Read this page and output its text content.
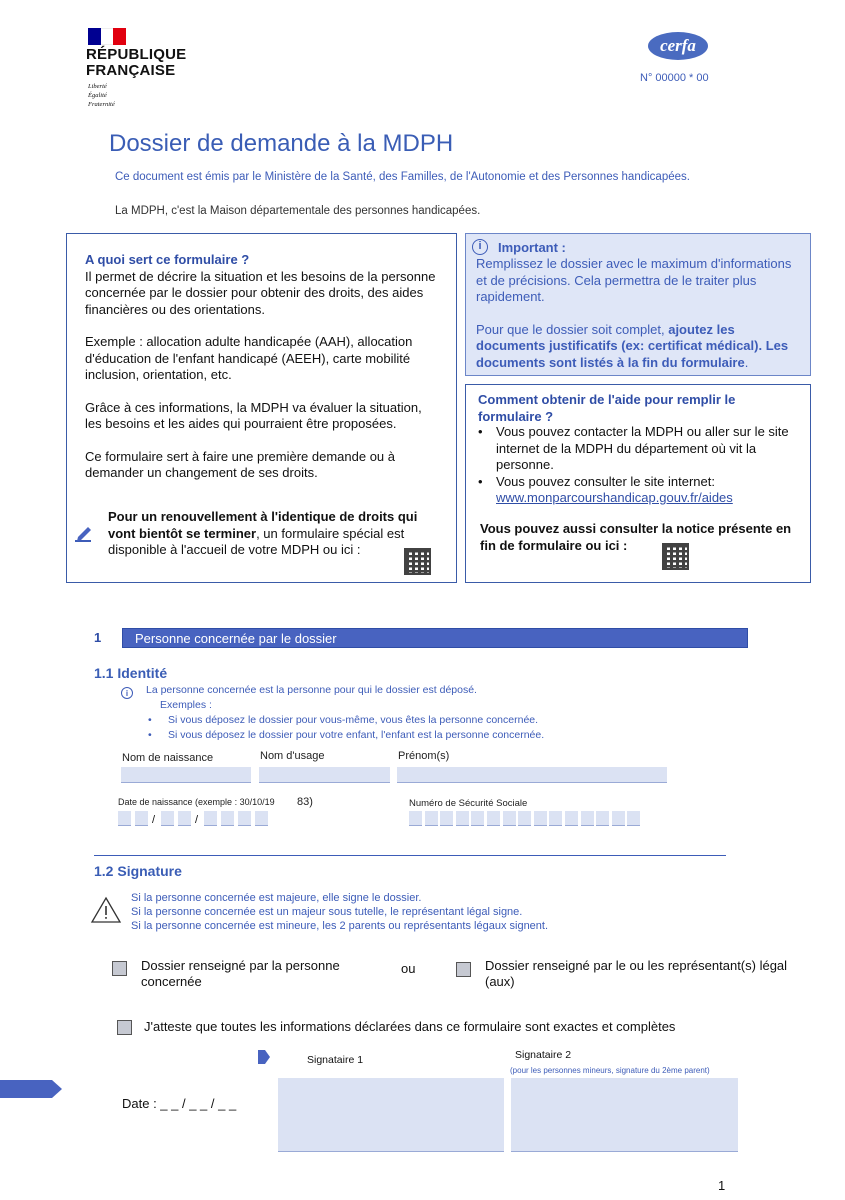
RÉPUBLIQUE
FRANÇAISE
Liberté
Égalité
Fraternité
cerfa
N° 00000 * 00
Dossier de demande à la MDPH
Ce document est émis par le Ministère de la Santé, des Familles, de l'Autonomie et des Personnes handicapées.
La MDPH, c'est la Maison départementale des personnes handicapées.
A quoi sert ce formulaire ?
Il permet de décrire la situation et les besoins de la personne concernée par le dossier pour obtenir des droits, des aides financières ou des orientations.
Exemple : allocation adulte handicapée (AAH), allocation d'éducation de l'enfant handicapé (AEEH), carte mobilité inclusion, orientation, etc.
Grâce à ces informations, la MDPH va évaluer la situation, les besoins et les aides qui pourraient être proposées.
Ce formulaire sert à faire une première demande ou à demander un changement de ses droits.
Pour un renouvellement à l'identique de droits qui vont bientôt se terminer, un formulaire spécial est disponible à l'accueil de votre MDPH ou ici :
i	Important :
Remplissez le dossier avec le maximum d'informations et de précisions. Cela permettra de le traiter plus rapidement.
Pour que le dossier soit complet, ajoutez les documents justificatifs (ex: certificat médical). Les documents sont listés à la fin du formulaire.
Comment obtenir de l'aide pour remplir le formulaire ?
•	Vous pouvez contacter la MDPH ou aller sur le site internet de la MDPH du département où vit la personne.
•	Vous pouvez consulter le site internet:
www.monparcourshandicap.gouv.fr/aides
Vous pouvez aussi consulter la notice présente en fin de formulaire ou ici :
1	Personne concernée par le dossier
1.1 Identité
i	La personne concernée est la personne pour qui le dossier est déposé.
Exemples :
•	Si vous déposez le dossier pour vous-même, vous êtes la personne concernée.
•	Si vous déposez le dossier pour votre enfant, l'enfant est la personne concernée.
Nom de naissance	Nom d'usage	Prénom(s)
Date de naissance (exemple : 30/10/19 83)	Numéro de Sécurité Sociale
/	/
1.2 Signature
Si la personne concernée est majeure, elle signe le dossier.
Si la personne concernée est un majeur sous tutelle, le représentant légal signe.
Si la personne concernée est mineure, les 2 parents ou représentants légaux signent.
Dossier renseigné par la personne concernée
ou	Dossier renseigné par le ou les représentant(s) légal (aux)
J'atteste que toutes les informations déclarées dans ce formulaire sont exactes et complètes
Signataire 1	Signataire 2
(pour les personnes mineurs, signature du 2ème parent)
Date : _ _ / _ _ / _ _
1
